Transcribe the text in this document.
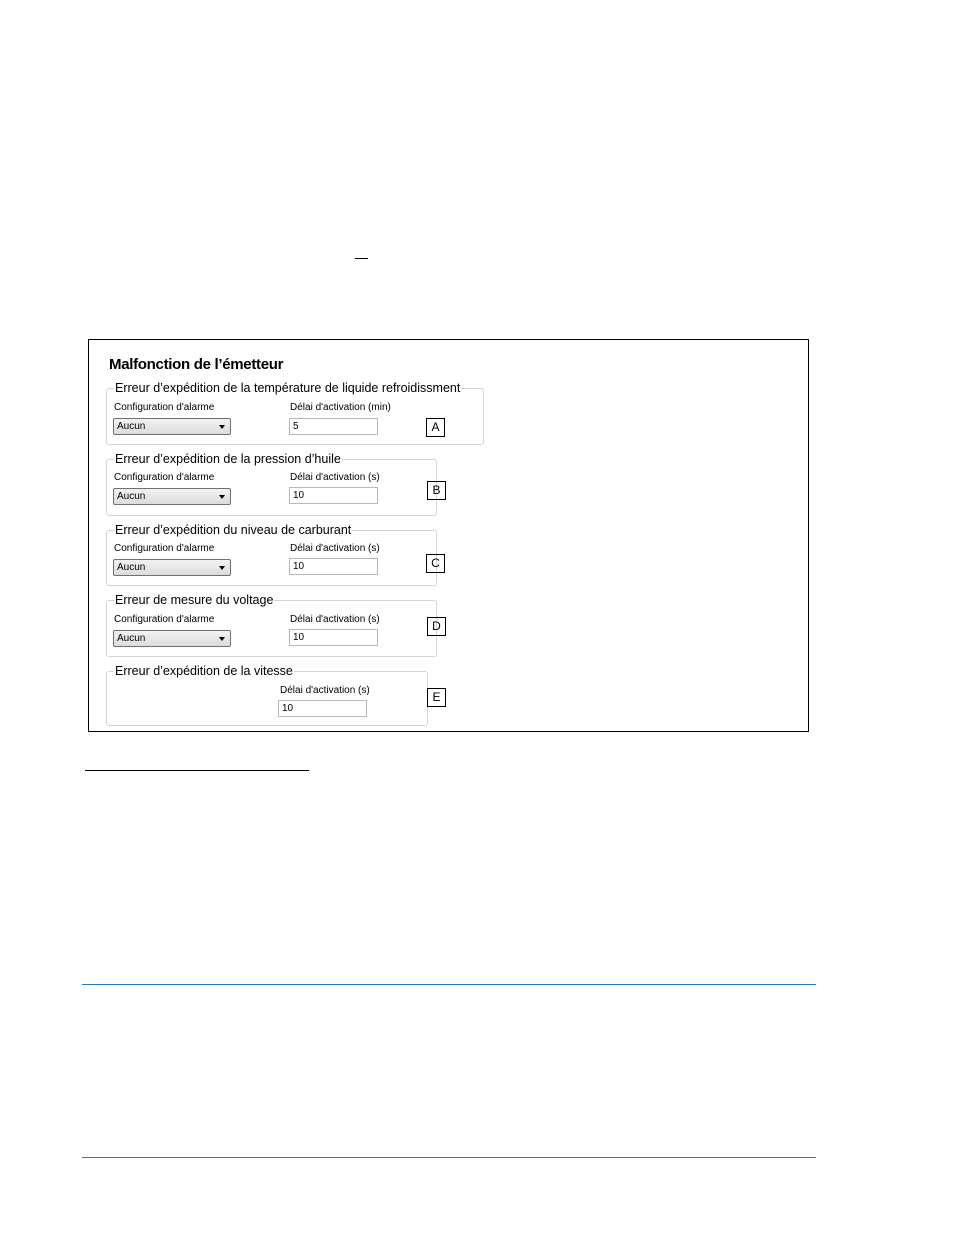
Malfonction de l’émetteur
Erreur d’expédition de la température de liquide refroidissment
Configuration d'alarme
Aucun
Délai d'activation (min)
5	A
Erreur d’expédition de la pression d’huile
Configuration d'alarme
Aucun
Délai d'activation (s)
10	B
Erreur d’expédition du niveau de carburant
Configuration d'alarme
Aucun
Délai d'activation (s)
10	C
Erreur de mesure du voltage
Configuration d'alarme
Aucun
Délai d'activation (s)
10
D
Erreur d’expédition de la vitesse
Délai d'activation (s)
10
E
